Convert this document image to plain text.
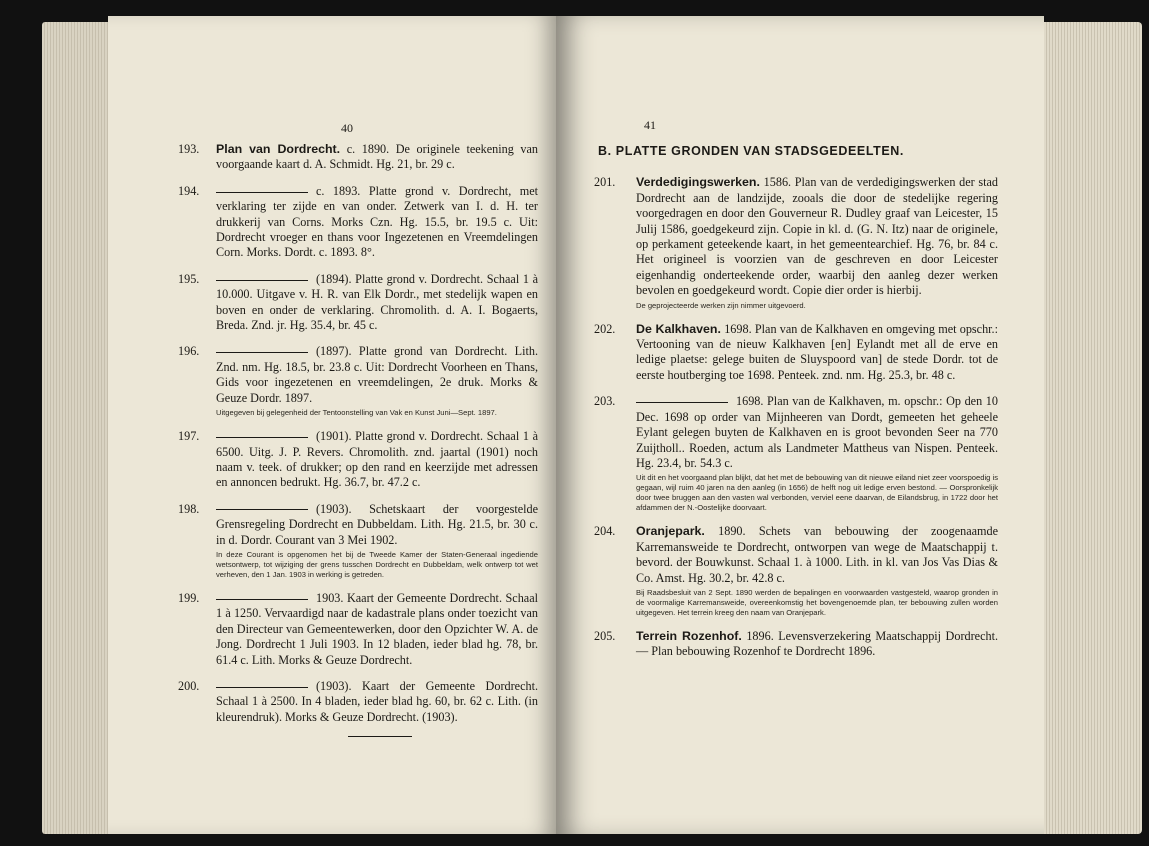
40
193. Plan van Dordrecht. c. 1890. De originele teekening van voorgaande kaart d. A. Schmidt. Hg. 21, br. 29 c.
194.	c. 1893. Platte grond v. Dordrecht, met verklaring ter zijde en van onder. Zetwerk van I. d. H. ter drukkerij van Corns. Morks Czn. Hg. 15.5, br. 19.5 c. Uit: Dordrecht vroeger en thans voor Ingezetenen en Vreemdelingen Corn. Morks. Dordt. c. 1893. 8°.
195.	(1894). Platte grond v. Dordrecht. Schaal 1 à 10.000. Uitgave v. H. R. van Elk Dordr., met stedelijk wapen en boven en onder de verklaring. Chromolith. d. A. I. Bogaerts, Breda. Znd. jr. Hg. 35.4, br. 45 c.
196.	(1897). Platte grond van Dordrecht. Lith. Znd. nm. Hg. 18.5, br. 23.8 c. Uit: Dordrecht Voorheen en Thans, Gids voor ingezetenen en vreemdelingen, 2e druk. Morks & Geuze Dordr. 1897.
Uitgegeven bij gelegenheid der Tentoonstelling van Vak en Kunst Juni—Sept. 1897.
197.	(1901). Platte grond v. Dordrecht. Schaal 1 à 6500. Uitg. J. P. Revers. Chromolith. znd. jaartal (1901) noch naam v. teek. of drukker; op den rand en keerzijde met adressen en annoncen bedrukt. Hg. 36.7, br. 47.2 c.
198.	(1903). Schetskaart der voorgestelde Grensregeling Dordrecht en Dubbeldam. Lith. Hg. 21.5, br. 30 c. in d. Dordr. Courant van 3 Mei 1902.
In deze Courant is opgenomen het bij de Tweede Kamer der Staten-Generaal ingediende wetsontwerp, tot wijziging der grens tusschen Dordrecht en Dubbeldam, welk ontwerp tot wet verheven, den 1 Jan. 1903 in werking is getreden.
199.	1903. Kaart der Gemeente Dordrecht. Schaal 1 à 1250. Vervaardigd naar de kadastrale plans onder toezicht van den Directeur van Gemeentewerken, door den Opzichter W. A. de Jong. Dordrecht 1 Juli 1903. In 12 bladen, ieder blad hg. 78, br. 61.4 c. Lith. Morks & Geuze Dordrecht.
200.	(1903). Kaart der Gemeente Dordrecht. Schaal 1 à 2500. In 4 bladen, ieder blad hg. 60, br. 62 c. Lith. (in kleurendruk). Morks & Geuze Dordrecht. (1903).
41
B. PLATTE GRONDEN VAN STADSGEDEELTEN.
201. Verdedigingswerken. 1586. Plan van de verdedigingswerken der stad Dordrecht aan de landzijde, zooals die door de stedelijke regering voorgedragen en door den Gouverneur R. Dudley graaf van Leicester, 15 Julij 1586, goedgekeurd zijn. Copie in kl. d. (G. N. Itz) naar de originele, op perkament geteekende kaart, in het gemeentearchief. Hg. 76, br. 84 c. Het origineel is voorzien van de geschreven en door Leicester eigenhandig onderteekende order, waarbij den aanleg dezer werken bevolen en goedgekeurd wordt. Copie dier order is hierbij.
De geprojecteerde werken zijn nimmer uitgevoerd.
202. De Kalkhaven. 1698. Plan van de Kalkhaven en omgeving met opschr.: Vertooning van de nieuw Kalkhaven [en] Eylandt met all de erve en ledige plaetse: gelege buiten de Sluyspoord van] de stede Dordr. tot de eerste houtberging toe 1698. Penteek. znd. nm. Hg. 25.3, br. 48 c.
203.	1698. Plan van de Kalkhaven, m. opschr.: Op den 10 Dec. 1698 op order van Mijnheeren van Dordt, gemeeten het geheele Eylant gelegen buyten de Kalkhaven en is groot bevonden Seer na 770 Zuijtholl.. Roeden, actum als Landmeter Mattheus van Nispen. Penteek. Hg. 23.4, br. 54.3 c.
Uit dit en het voorgaand plan blijkt, dat het met de bebouwing van dit nieuwe eiland niet zeer voorspoedig is gegaan, wijl ruim 40 jaren na den aanleg (in 1656) de helft nog uit ledige erven bestond. — Oorspronkelijk door twee bruggen aan den vasten wal verbonden, verviel eene daarvan, de Eilandsbrug, in 1722 door het afdammen der N.-Oostelijke doorvaart.
204. Oranjepark. 1890. Schets van bebouwing der zoogenaamde Karremansweide te Dordrecht, ontworpen van wege de Maatschappij t. bevord. der Bouwkunst. Schaal 1. à 1000. Lith. in kl. van Jos Vas Dias & Co. Amst. Hg. 30.2, br. 42.8 c.
Bij Raadsbesluit van 2 Sept. 1890 werden de bepalingen en voorwaarden vastgesteld, waarop gronden in de voormalige Karremansweide, overeenkomstig het bovengenoemde plan, ter bebouwing zullen worden uitgegeven. Het terrein kreeg den naam van Oranjepark.
205. Terrein Rozenhof. 1896. Levensverzekering Maatschappij Dordrecht. — Plan bebouwing Rozenhof te Dordrecht 1896.
